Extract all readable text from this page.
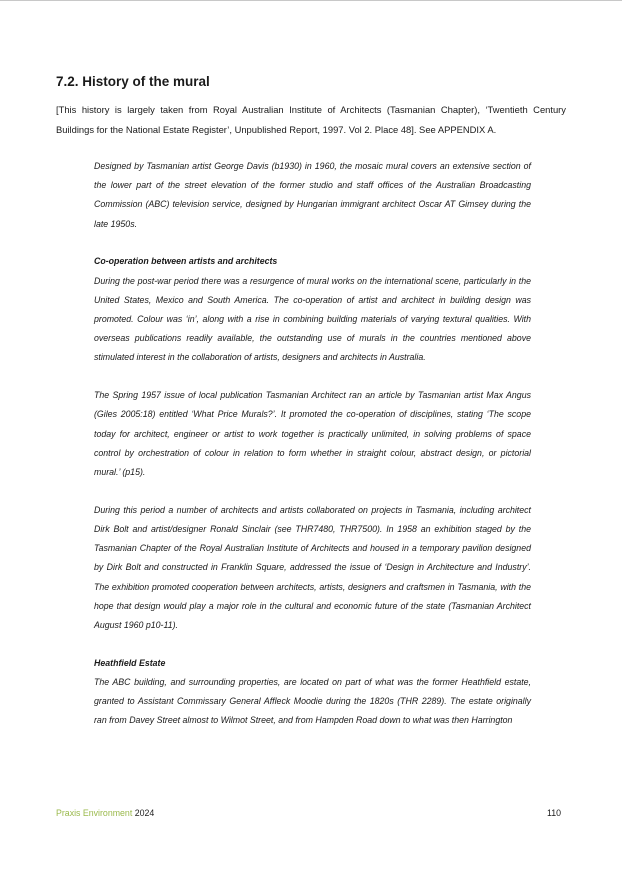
7.2. History of the mural

[This history is largely taken from Royal Australian Institute of Architects (Tasmanian Chapter), ‘Twentieth Century Buildings for the National Estate Register’, Unpublished Report, 1997. Vol 2. Place 48]. See APPENDIX A.

Designed by Tasmanian artist George Davis (b1930) in 1960, the mosaic mural covers an extensive section of the lower part of the street elevation of the former studio and staff offices of the Australian Broadcasting Commission (ABC) television service, designed by Hungarian immigrant architect Oscar AT Gimsey during the late 1950s.

Co-operation between artists and architects

During the post-war period there was a resurgence of mural works on the international scene, particularly in the United States, Mexico and South America. The co-operation of artist and architect in building design was promoted. Colour was ‘in’, along with a rise in combining building materials of varying textural qualities. With overseas publications readily available, the outstanding use of murals in the countries mentioned above stimulated interest in the collaboration of artists, designers and architects in Australia.

The Spring 1957 issue of local publication Tasmanian Architect ran an article by Tasmanian artist Max Angus (Giles 2005:18) entitled ‘What Price Murals?’. It promoted the co-operation of disciplines, stating ‘The scope today for architect, engineer or artist to work together is practically unlimited, in solving problems of space control by orchestration of colour in relation to form whether in straight colour, abstract design, or pictorial mural.’ (p15).

During this period a number of architects and artists collaborated on projects in Tasmania, including architect Dirk Bolt and artist/designer Ronald Sinclair (see THR7480, THR7500). In 1958 an exhibition staged by the Tasmanian Chapter of the Royal Australian Institute of Architects and housed in a temporary pavilion designed by Dirk Bolt and constructed in Franklin Square, addressed the issue of ‘Design in Architecture and Industry’. The exhibition promoted cooperation between architects, artists, designers and craftsmen in Tasmania, with the hope that design would play a major role in the cultural and economic future of the state (Tasmanian Architect August 1960 p10-11).

Heathfield Estate

The ABC building, and surrounding properties, are located on part of what was the former Heathfield estate, granted to Assistant Commissary General Affleck Moodie during the 1820s (THR 2289). The estate originally ran from Davey Street almost to Wilmot Street, and from Hampden Road down to what was then Harrington

Praxis Environment 2024	110
